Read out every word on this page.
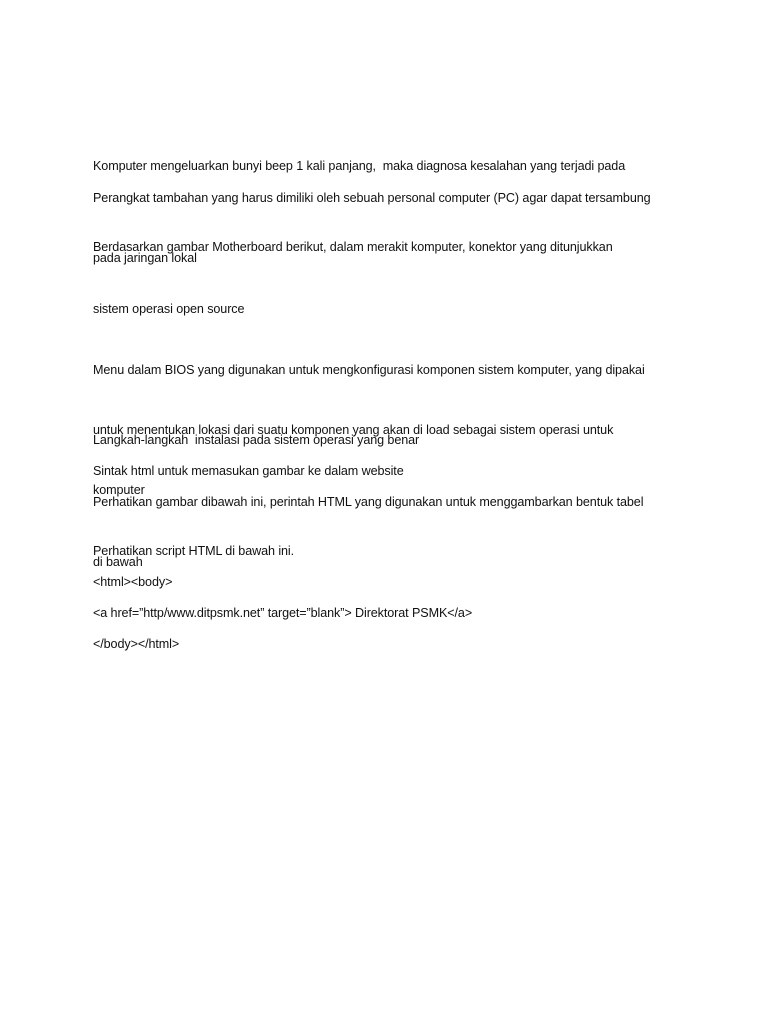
Komputer mengeluarkan bunyi beep 1 kali panjang,  maka diagnosa kesalahan yang terjadi pada

Perangkat tambahan yang harus dimiliki oleh sebuah personal computer (PC) agar dapat tersambung

pada jaringan lokal

Berdasarkan gambar Motherboard berikut, dalam merakit komputer, konektor yang ditunjukkan

sistem operasi open source

Menu dalam BIOS yang digunakan untuk mengkonfigurasi komponen sistem komputer, yang dipakai

untuk menentukan lokasi dari suatu komponen yang akan di load sebagai sistem operasi untuk

komputer

Langkah-langkah  instalasi pada sistem operasi yang benar

Sintak html untuk memasukan gambar ke dalam website

Perhatikan gambar dibawah ini, perintah HTML yang digunakan untuk menggambarkan bentuk tabel

di bawah

Perhatikan script HTML di bawah ini.

<html><body>

<a href=”http/www.ditpsmk.net” target=”blank”> Direktorat PSMK</a>

</body></html>
